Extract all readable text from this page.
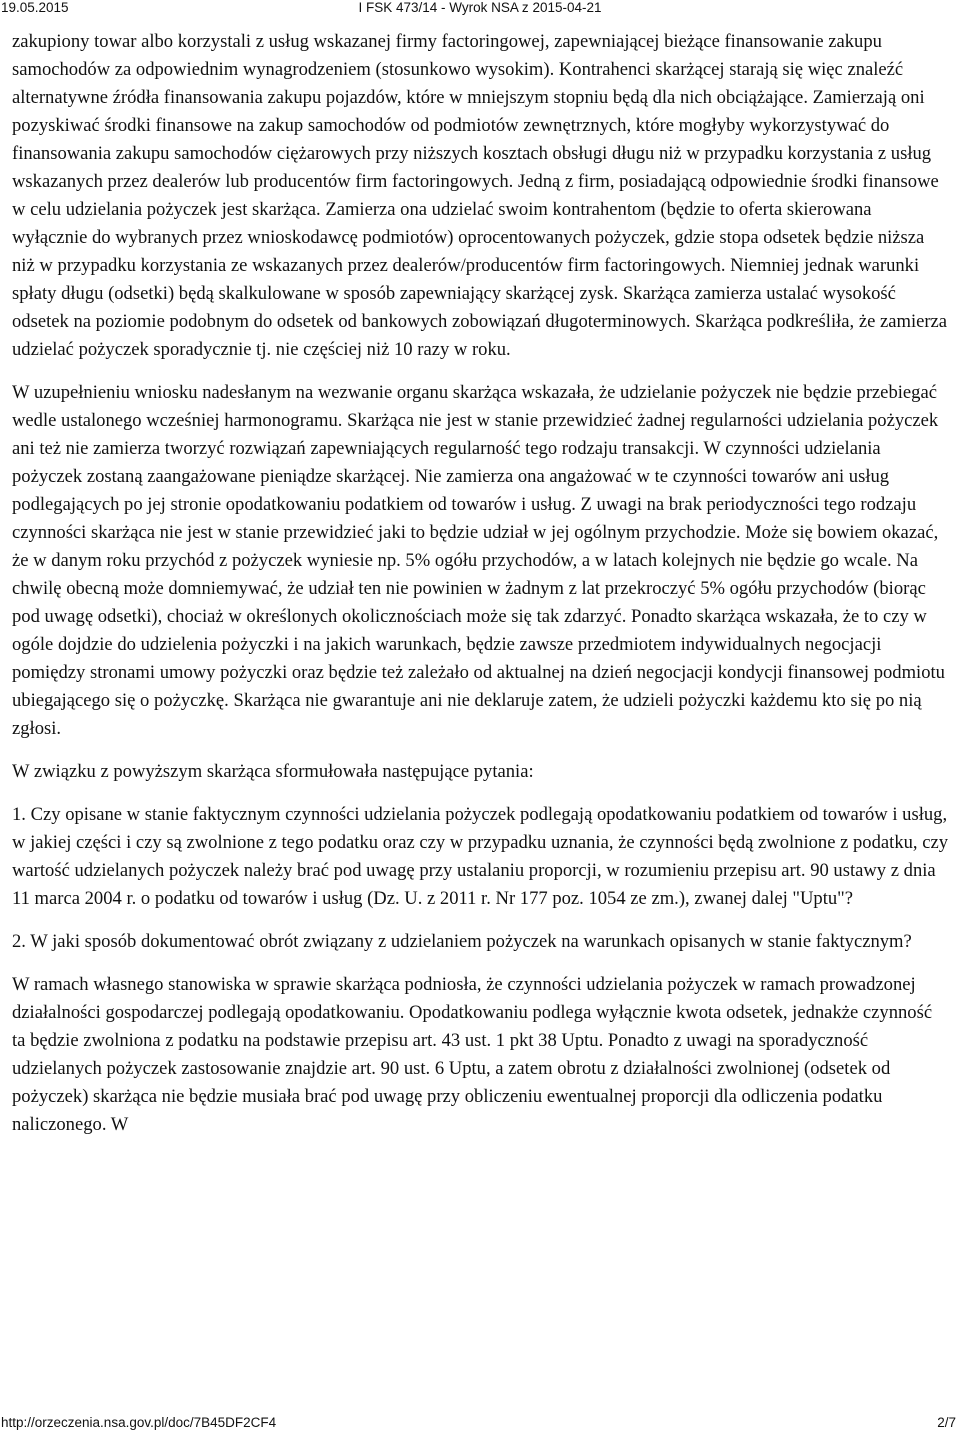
19.05.2015	I FSK 473/14 - Wyrok NSA z 2015-04-21

zakupiony towar albo korzystali z usług wskazanej firmy factoringowej, zapewniającej bieżące finansowanie zakupu samochodów za odpowiednim wynagrodzeniem (stosunkowo wysokim). Kontrahenci skarżącej starają się więc znaleźć alternatywne źródła finansowania zakupu pojazdów, które w mniejszym stopniu będą dla nich obciążające. Zamierzają oni pozyskiwać środki finansowe na zakup samochodów od podmiotów zewnętrznych, które mogłyby wykorzystywać do finansowania zakupu samochodów ciężarowych przy niższych kosztach obsługi długu niż w przypadku korzystania z usług wskazanych przez dealerów lub producentów firm factoringowych. Jedną z firm, posiadającą odpowiednie środki finansowe w celu udzielania pożyczek jest skarżąca. Zamierza ona udzielać swoim kontrahentom (będzie to oferta skierowana wyłącznie do wybranych przez wnioskodawcę podmiotów) oprocentowanych pożyczek, gdzie stopa odsetek będzie niższa niż w przypadku korzystania ze wskazanych przez dealerów/producentów firm factoringowych. Niemniej jednak warunki spłaty długu (odsetki) będą skalkulowane w sposób zapewniający skarżącej zysk. Skarżąca zamierza ustalać wysokość odsetek na poziomie podobnym do odsetek od bankowych zobowiązań długoterminowych. Skarżąca podkreśliła, że zamierza udzielać pożyczek sporadycznie tj. nie częściej niż 10 razy w roku.

W uzupełnieniu wniosku nadesłanym na wezwanie organu skarżąca wskazała, że udzielanie pożyczek nie będzie przebiegać wedle ustalonego wcześniej harmonogramu. Skarżąca nie jest w stanie przewidzieć żadnej regularności udzielania pożyczek ani też nie zamierza tworzyć rozwiązań zapewniających regularność tego rodzaju transakcji. W czynności udzielania pożyczek zostaną zaangażowane pieniądze skarżącej. Nie zamierza ona angażować w te czynności towarów ani usług podlegających po jej stronie opodatkowaniu podatkiem od towarów i usług. Z uwagi na brak periodyczności tego rodzaju czynności skarżąca nie jest w stanie przewidzieć jaki to będzie udział w jej ogólnym przychodzie. Może się bowiem okazać, że w danym roku przychód z pożyczek wyniesie np. 5% ogółu przychodów, a w latach kolejnych nie będzie go wcale. Na chwilę obecną może domniemywać, że udział ten nie powinien w żadnym z lat przekroczyć 5% ogółu przychodów (biorąc pod uwagę odsetki), chociaż w określonych okolicznościach może się tak zdarzyć. Ponadto skarżąca wskazała, że to czy w ogóle dojdzie do udzielenia pożyczki i na jakich warunkach, będzie zawsze przedmiotem indywidualnych negocjacji pomiędzy stronami umowy pożyczki oraz będzie też zależało od aktualnej na dzień negocjacji kondycji finansowej podmiotu ubiegającego się o pożyczkę. Skarżąca nie gwarantuje ani nie deklaruje zatem, że udzieli pożyczki każdemu kto się po nią zgłosi.

W związku z powyższym skarżąca sformułowała następujące pytania:

1. Czy opisane w stanie faktycznym czynności udzielania pożyczek podlegają opodatkowaniu podatkiem od towarów i usług, w jakiej części i czy są zwolnione z tego podatku oraz czy w przypadku uznania, że czynności będą zwolnione z podatku, czy wartość udzielanych pożyczek należy brać pod uwagę przy ustalaniu proporcji, w rozumieniu przepisu art. 90 ustawy z dnia 11 marca 2004 r. o podatku od towarów i usług (Dz. U. z 2011 r. Nr 177 poz. 1054 ze zm.), zwanej dalej "Uptu"?

2. W jaki sposób dokumentować obrót związany z udzielaniem pożyczek na warunkach opisanych w stanie faktycznym?

W ramach własnego stanowiska w sprawie skarżąca podniosła, że czynności udzielania pożyczek w ramach prowadzonej działalności gospodarczej podlegają opodatkowaniu. Opodatkowaniu podlega wyłącznie kwota odsetek, jednakże czynność ta będzie zwolniona z podatku na podstawie przepisu art. 43 ust. 1 pkt 38 Uptu. Ponadto z uwagi na sporadyczność udzielanych pożyczek zastosowanie znajdzie art. 90 ust. 6 Uptu, a zatem obrotu z działalności zwolnionej (odsetek od pożyczek) skarżąca nie będzie musiała brać pod uwagę przy obliczeniu ewentualnej proporcji dla odliczenia podatku naliczonego. W

http://orzeczenia.nsa.gov.pl/doc/7B45DF2CF4	2/7
